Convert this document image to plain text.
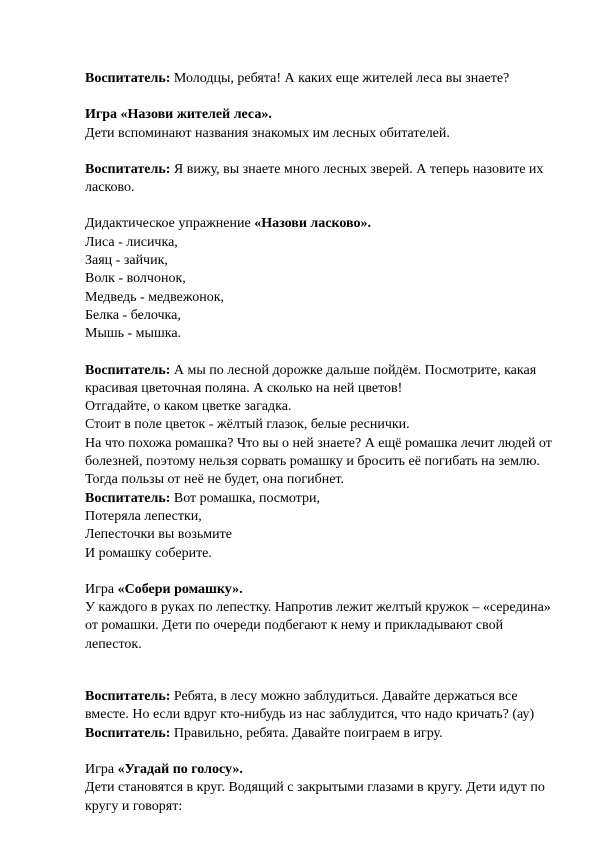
Воспитатель: Молодцы, ребята! А каких еще жителей леса вы знаете?
Игра «Назови жителей леса».
Дети вспоминают названия знакомых им лесных обитателей.
Воспитатель: Я вижу, вы знаете много лесных зверей. А теперь назовите их
ласково.
Дидактическое упражнение «Назови ласково».
Лиса - лисичка,
Заяц - зайчик,
Волк - волчонок,
Медведь - медвежонок,
Белка - белочка,
Мышь - мышка.
Воспитатель: А мы по лесной дорожке дальше пойдём. Посмотрите, какая
красивая цветочная поляна. А сколько на ней цветов!
Отгадайте, о каком цветке загадка.
Стоит в поле цветок - жёлтый глазок, белые реснички.
На что похожа ромашка? Что вы о ней знаете? А ещё ромашка лечит людей от
болезней, поэтому нельзя сорвать ромашку и бросить её погибать на землю.
Тогда пользы от неё не будет, она погибнет.
Воспитатель: Вот ромашка, посмотри,
Потеряла лепестки,
Лепесточки вы возьмите
И ромашку соберите.
Игра «Собери ромашку».
У каждого в руках по лепестку. Напротив лежит желтый кружок – «середина»
от ромашки. Дети по очереди подбегают к нему и прикладывают свой
лепесток.
Воспитатель: Ребята, в лесу можно заблудиться. Давайте держаться все
вместе. Но если вдруг кто-нибудь из нас заблудится, что надо кричать? (ау)
Воспитатель: Правильно, ребята. Давайте поиграем в игру.
Игра «Угадай по голосу».
Дети становятся в круг. Водящий с закрытыми глазами в кругу. Дети идут по
кругу и говорят:
